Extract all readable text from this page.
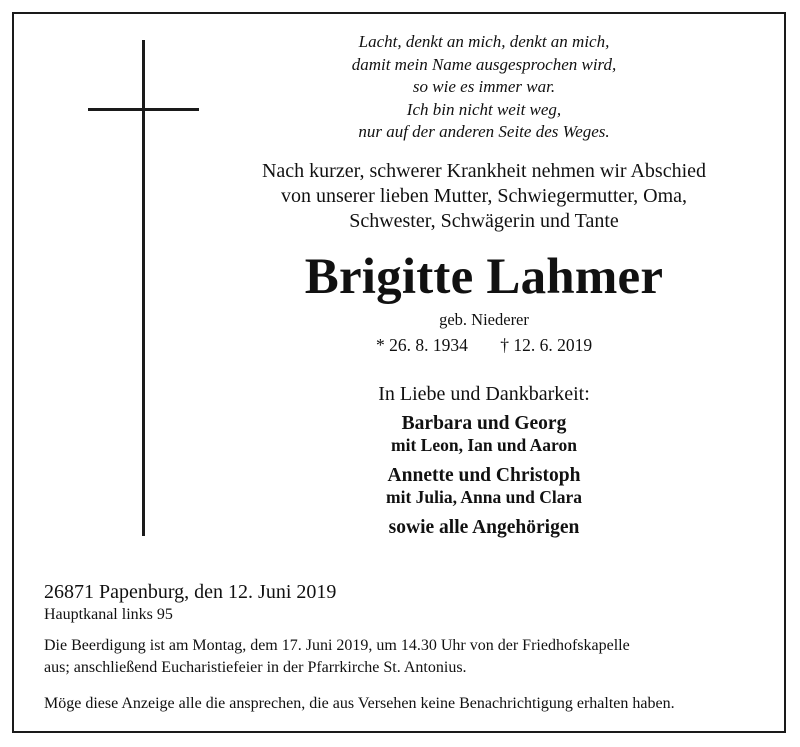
Lacht, denkt an mich, denkt an mich,
damit mein Name ausgesprochen wird,
so wie es immer war.
Ich bin nicht weit weg,
nur auf der anderen Seite des Weges.
Nach kurzer, schwerer Krankheit nehmen wir Abschied
von unserer lieben Mutter, Schwiegermutter, Oma,
Schwester, Schwägerin und Tante
Brigitte Lahmer
geb. Niederer
* 26. 8. 1934 † 12. 6. 2019
In Liebe und Dankbarkeit:
Barbara und Georg
mit Leon, Ian und Aaron
Annette und Christoph
mit Julia, Anna und Clara
sowie alle Angehörigen
26871 Papenburg, den 12. Juni 2019
Hauptkanal links 95
Die Beerdigung ist am Montag, dem 17. Juni 2019, um 14.30 Uhr von der Friedhofskapelle
aus; anschließend Eucharistiefeier in der Pfarrkirche St. Antonius.
Möge diese Anzeige alle die ansprechen, die aus Versehen keine Benachrichtigung erhalten haben.
